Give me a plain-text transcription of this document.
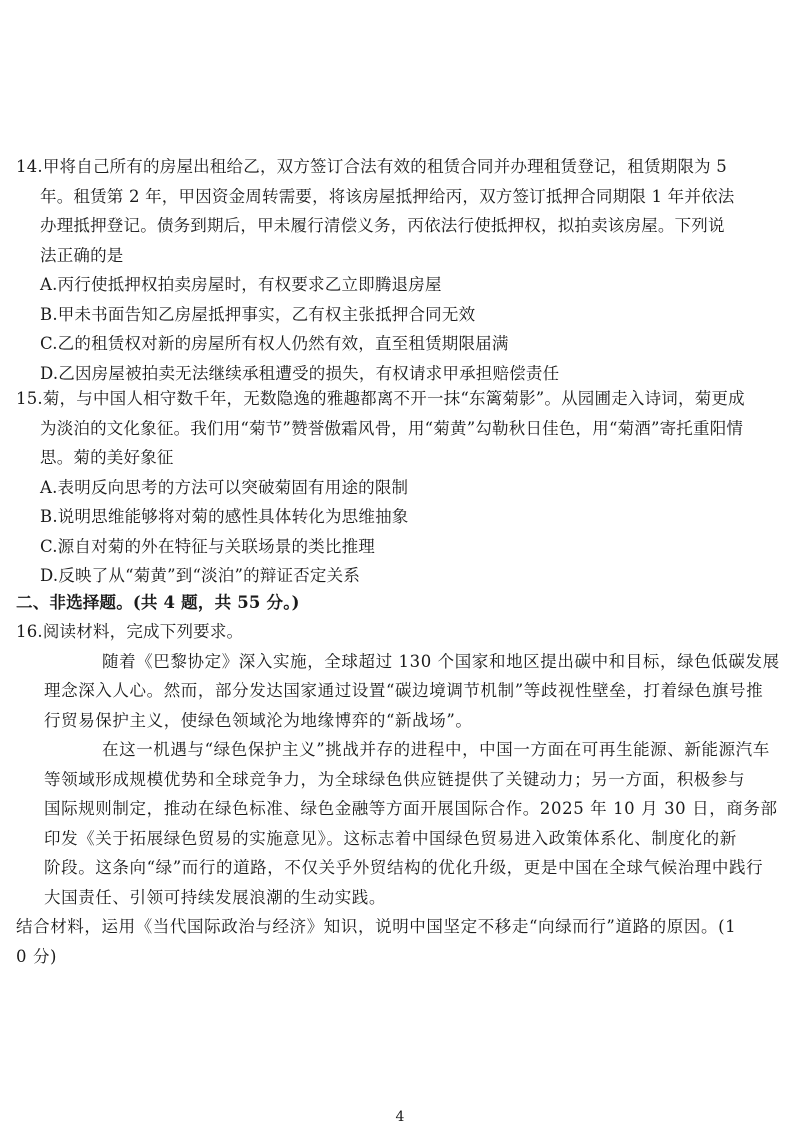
14.甲将自己所有的房屋出租给乙，双方签订合法有效的租赁合同并办理租赁登记，租赁期限为 5
年。租赁第 2 年，甲因资金周转需要，将该房屋抵押给丙，双方签订抵押合同期限 1 年并依法
办理抵押登记。债务到期后，甲未履行清偿义务，丙依法行使抵押权，拟拍卖该房屋。下列说
法正确的是
A.丙行使抵押权拍卖房屋时，有权要求乙立即腾退房屋
B.甲未书面告知乙房屋抵押事实，乙有权主张抵押合同无效
C.乙的租赁权对新的房屋所有权人仍然有效，直至租赁期限届满
D.乙因房屋被拍卖无法继续承租遭受的损失，有权请求甲承担赔偿责任
15.菊，与中国人相守数千年，无数隐逸的雅趣都离不开一抹“东篱菊影”。从园圃走入诗词，菊更成
为淡泊的文化象征。我们用“菊节”赞誉傲霜风骨，用“菊黄”勾勒秋日佳色，用“菊酒”寄托重阳情
思。菊的美好象征
A.表明反向思考的方法可以突破菊固有用途的限制
B.说明思维能够将对菊的感性具体转化为思维抽象
C.源自对菊的外在特征与关联场景的类比推理
D.反映了从“菊黄”到“淡泊”的辩证否定关系
二、非选择题。(共 4 题，共 55 分。)
16.阅读材料，完成下列要求。
随着《巴黎协定》深入实施，全球超过 130 个国家和地区提出碳中和目标，绿色低碳发展
理念深入人心。然而，部分发达国家通过设置“碳边境调节机制”等歧视性壁垒，打着绿色旗号推
行贸易保护主义，使绿色领域沦为地缘博弈的“新战场”。
在这一机遇与“绿色保护主义”挑战并存的进程中，中国一方面在可再生能源、新能源汽车
等领域形成规模优势和全球竞争力，为全球绿色供应链提供了关键动力；另一方面，积极参与
国际规则制定，推动在绿色标准、绿色金融等方面开展国际合作。2025 年 10 月 30 日，商务部
印发《关于拓展绿色贸易的实施意见》。这标志着中国绿色贸易进入政策体系化、制度化的新
阶段。这条向“绿”而行的道路，不仅关乎外贸结构的优化升级，更是中国在全球气候治理中践行
大国责任、引领可持续发展浪潮的生动实践。
结合材料，运用《当代国际政治与经济》知识，说明中国坚定不移走“向绿而行”道路的原因。(1
0 分)
4
